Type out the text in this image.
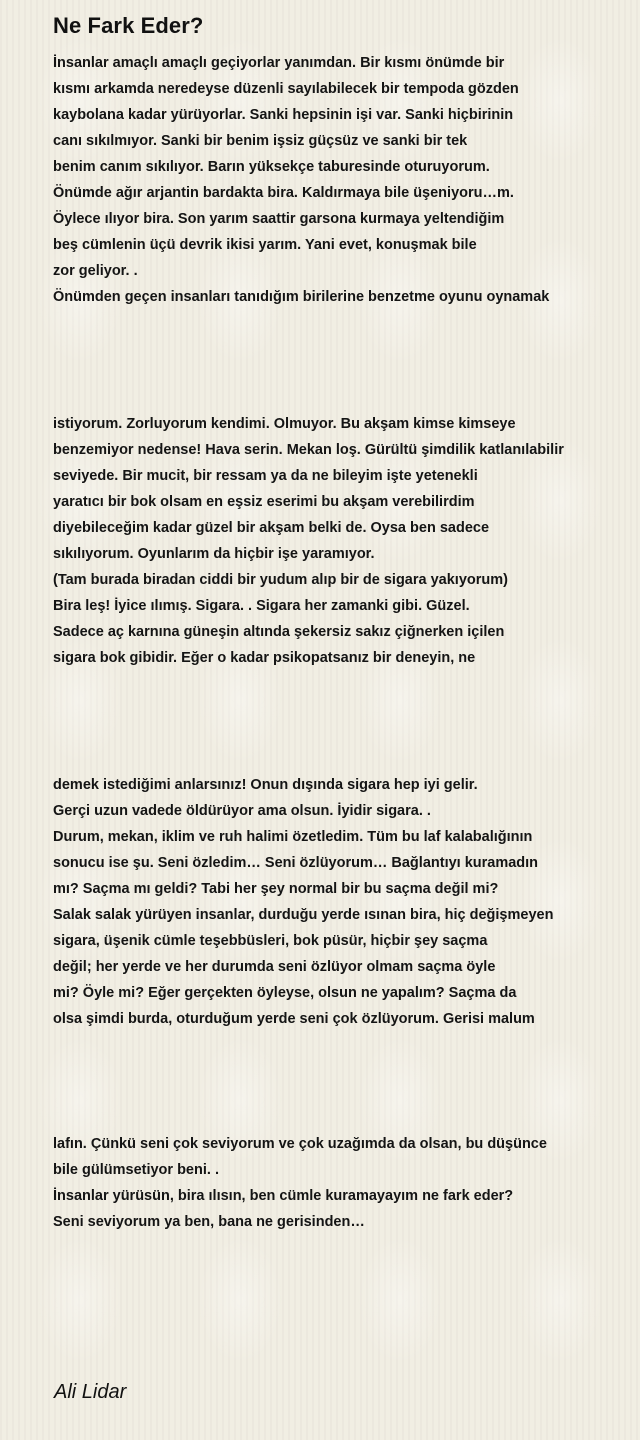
Ne Fark Eder?
İnsanlar amaçlı amaçlı geçiyorlar yanımdan. Bir kısmı önümde bir
kısmı arkamda neredeyse düzenli sayılabilecek bir tempoda gözden
kaybolana kadar yürüyorlar. Sanki hepsinin işi var. Sanki hiçbirinin
canı sıkılmıyor. Sanki bir benim işsiz güçsüz ve sanki bir tek
benim canım sıkılıyor. Barın yüksekçe taburesinde oturuyorum.
Önümde ağır arjantin bardakta bira. Kaldırmaya bile üşeniyoru…m.
Öylece ılıyor bira. Son yarım saattir garsona kurmaya yeltendiğim
beş cümlenin üçü devrik ikisi yarım. Yani evet, konuşmak bile
zor geliyor. .
Önümden geçen insanları tanıdığım birilerine benzetme oyunu oynamak
istiyorum. Zorluyorum kendimi. Olmuyor. Bu akşam kimse kimseye
benzemiyor nedense! Hava serin. Mekan loş. Gürültü şimdilik katlanılabilir
seviyede. Bir mucit, bir ressam ya da ne bileyim işte yetenekli
yaratıcı bir bok olsam en eşsiz eserimi bu akşam verebilirdim
diyebileceğim kadar güzel bir akşam belki de. Oysa ben sadece
sıkılıyorum. Oyunlarım da hiçbir işe yaramıyor.
(Tam burada biradan ciddi bir yudum alıp bir de sigara yakıyorum)
Bira leş! İyice ılımış. Sigara. . Sigara her zamanki gibi. Güzel.
Sadece aç karnına güneşin altında şekersiz sakız çiğnerken içilen
sigara bok gibidir. Eğer o kadar psikopatsanız bir deneyin, ne
demek istediğimi anlarsınız! Onun dışında sigara hep iyi gelir.
Gerçi uzun vadede öldürüyor ama olsun. İyidir sigara. .
Durum, mekan, iklim ve ruh halimi özetledim. Tüm bu laf kalabalığının
sonucu ise şu. Seni özledim… Seni özlüyorum… Bağlantıyı kuramadın
mı? Saçma mı geldi? Tabi her şey normal bir bu saçma değil mi?
Salak salak yürüyen insanlar, durduğu yerde ısınan bira, hiç değişmeyen
sigara, üşenik cümle teşebbüsleri, bok püsür, hiçbir şey saçma
değil; her yerde ve her durumda seni özlüyor olmam saçma öyle
mi? Öyle mi? Eğer gerçekten öyleyse, olsun ne yapalım? Saçma da
olsa şimdi burda, oturduğum yerde seni çok özlüyorum. Gerisi malum
lafın. Çünkü seni çok seviyorum ve çok uzağımda da olsan, bu düşünce
bile gülümsetiyor beni. .
İnsanlar yürüsün, bira ılısın, ben cümle kuramayayım ne fark eder?
Seni seviyorum ya ben, bana ne gerisinden…
Ali Lidar
